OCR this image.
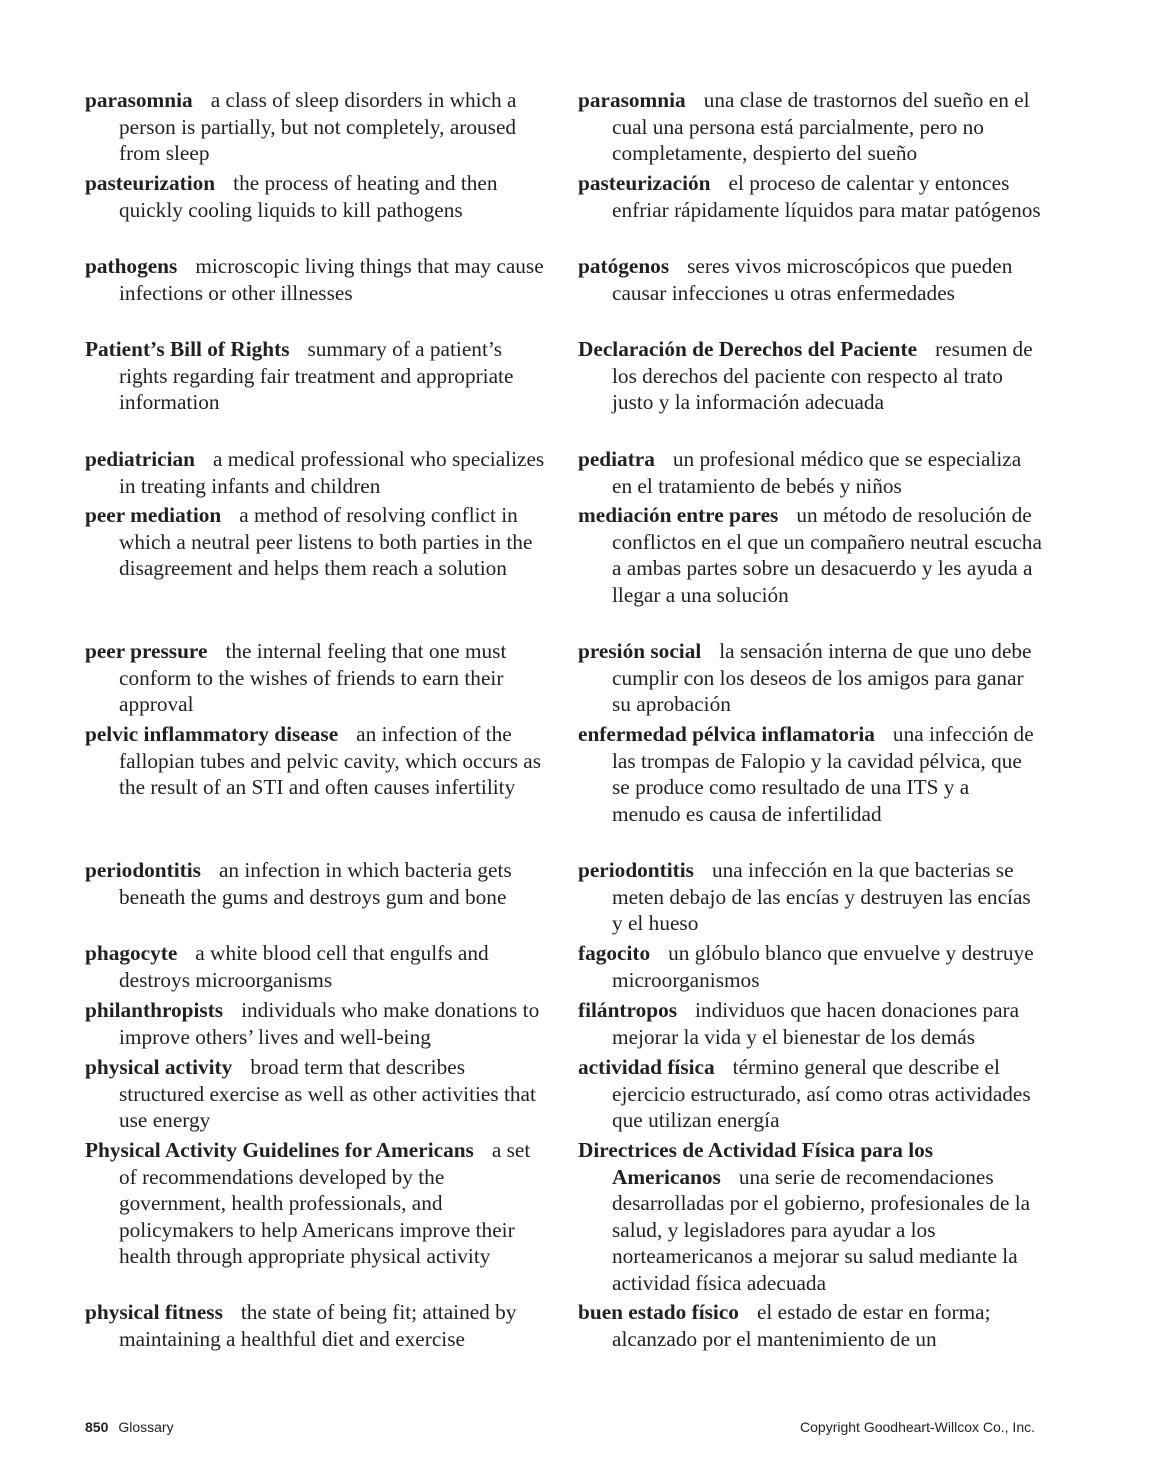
parasomnia a class of sleep disorders in which a person is partially, but not completely, aroused from sleep
parasomnia una clase de trastornos del sueño en el cual una persona está parcialmente, pero no completamente, despierto del sueño
pasteurization the process of heating and then quickly cooling liquids to kill pathogens
pasteurización el proceso de calentar y entonces enfriar rápidamente líquidos para matar patógenos
pathogens microscopic living things that may cause infections or other illnesses
patógenos seres vivos microscópicos que pueden causar infecciones u otras enfermedades
Patient’s Bill of Rights summary of a patient’s rights regarding fair treatment and appropriate information
Declaración de Derechos del Paciente resumen de los derechos del paciente con respecto al trato justo y la información adecuada
pediatrician a medical professional who specializes in treating infants and children
pediatra un profesional médico que se especializa en el tratamiento de bebés y niños
peer mediation a method of resolving conflict in which a neutral peer listens to both parties in the disagreement and helps them reach a solution
mediación entre pares un método de resolución de conflictos en el que un compañero neutral escucha a ambas partes sobre un desacuerdo y les ayuda a llegar a una solución
peer pressure the internal feeling that one must conform to the wishes of friends to earn their approval
presión social la sensación interna de que uno debe cumplir con los deseos de los amigos para ganar su aprobación
pelvic inflammatory disease an infection of the fallopian tubes and pelvic cavity, which occurs as the result of an STI and often causes infertility
enfermedad pélvica inflamatoria una infección de las trompas de Falopio y la cavidad pélvica, que se produce como resultado de una ITS y a menudo es causa de infertilidad
periodontitis an infection in which bacteria gets beneath the gums and destroys gum and bone
periodontitis una infección en la que bacterias se meten debajo de las encías y destruyen las encías y el hueso
phagocyte a white blood cell that engulfs and destroys microorganisms
fagocito un glóbulo blanco que envuelve y destruye microorganismos
philanthropists individuals who make donations to improve others’ lives and well-being
filántropos individuos que hacen donaciones para mejorar la vida y el bienestar de los demás
physical activity broad term that describes structured exercise as well as other activities that use energy
actividad física término general que describe el ejercicio estructurado, así como otras actividades que utilizan energía
Physical Activity Guidelines for Americans a set of recommendations developed by the government, health professionals, and policymakers to help Americans improve their health through appropriate physical activity
Directrices de Actividad Física para los Americanos una serie de recomendaciones desarrolladas por el gobierno, profesionales de la salud, y legisladores para ayudar a los norteamericanos a mejorar su salud mediante la actividad física adecuada
physical fitness the state of being fit; attained by maintaining a healthful diet and exercise
buen estado físico el estado de estar en forma; alcanzado por el mantenimiento de un
850 Glossary	Copyright Goodheart-Willcox Co., Inc.
